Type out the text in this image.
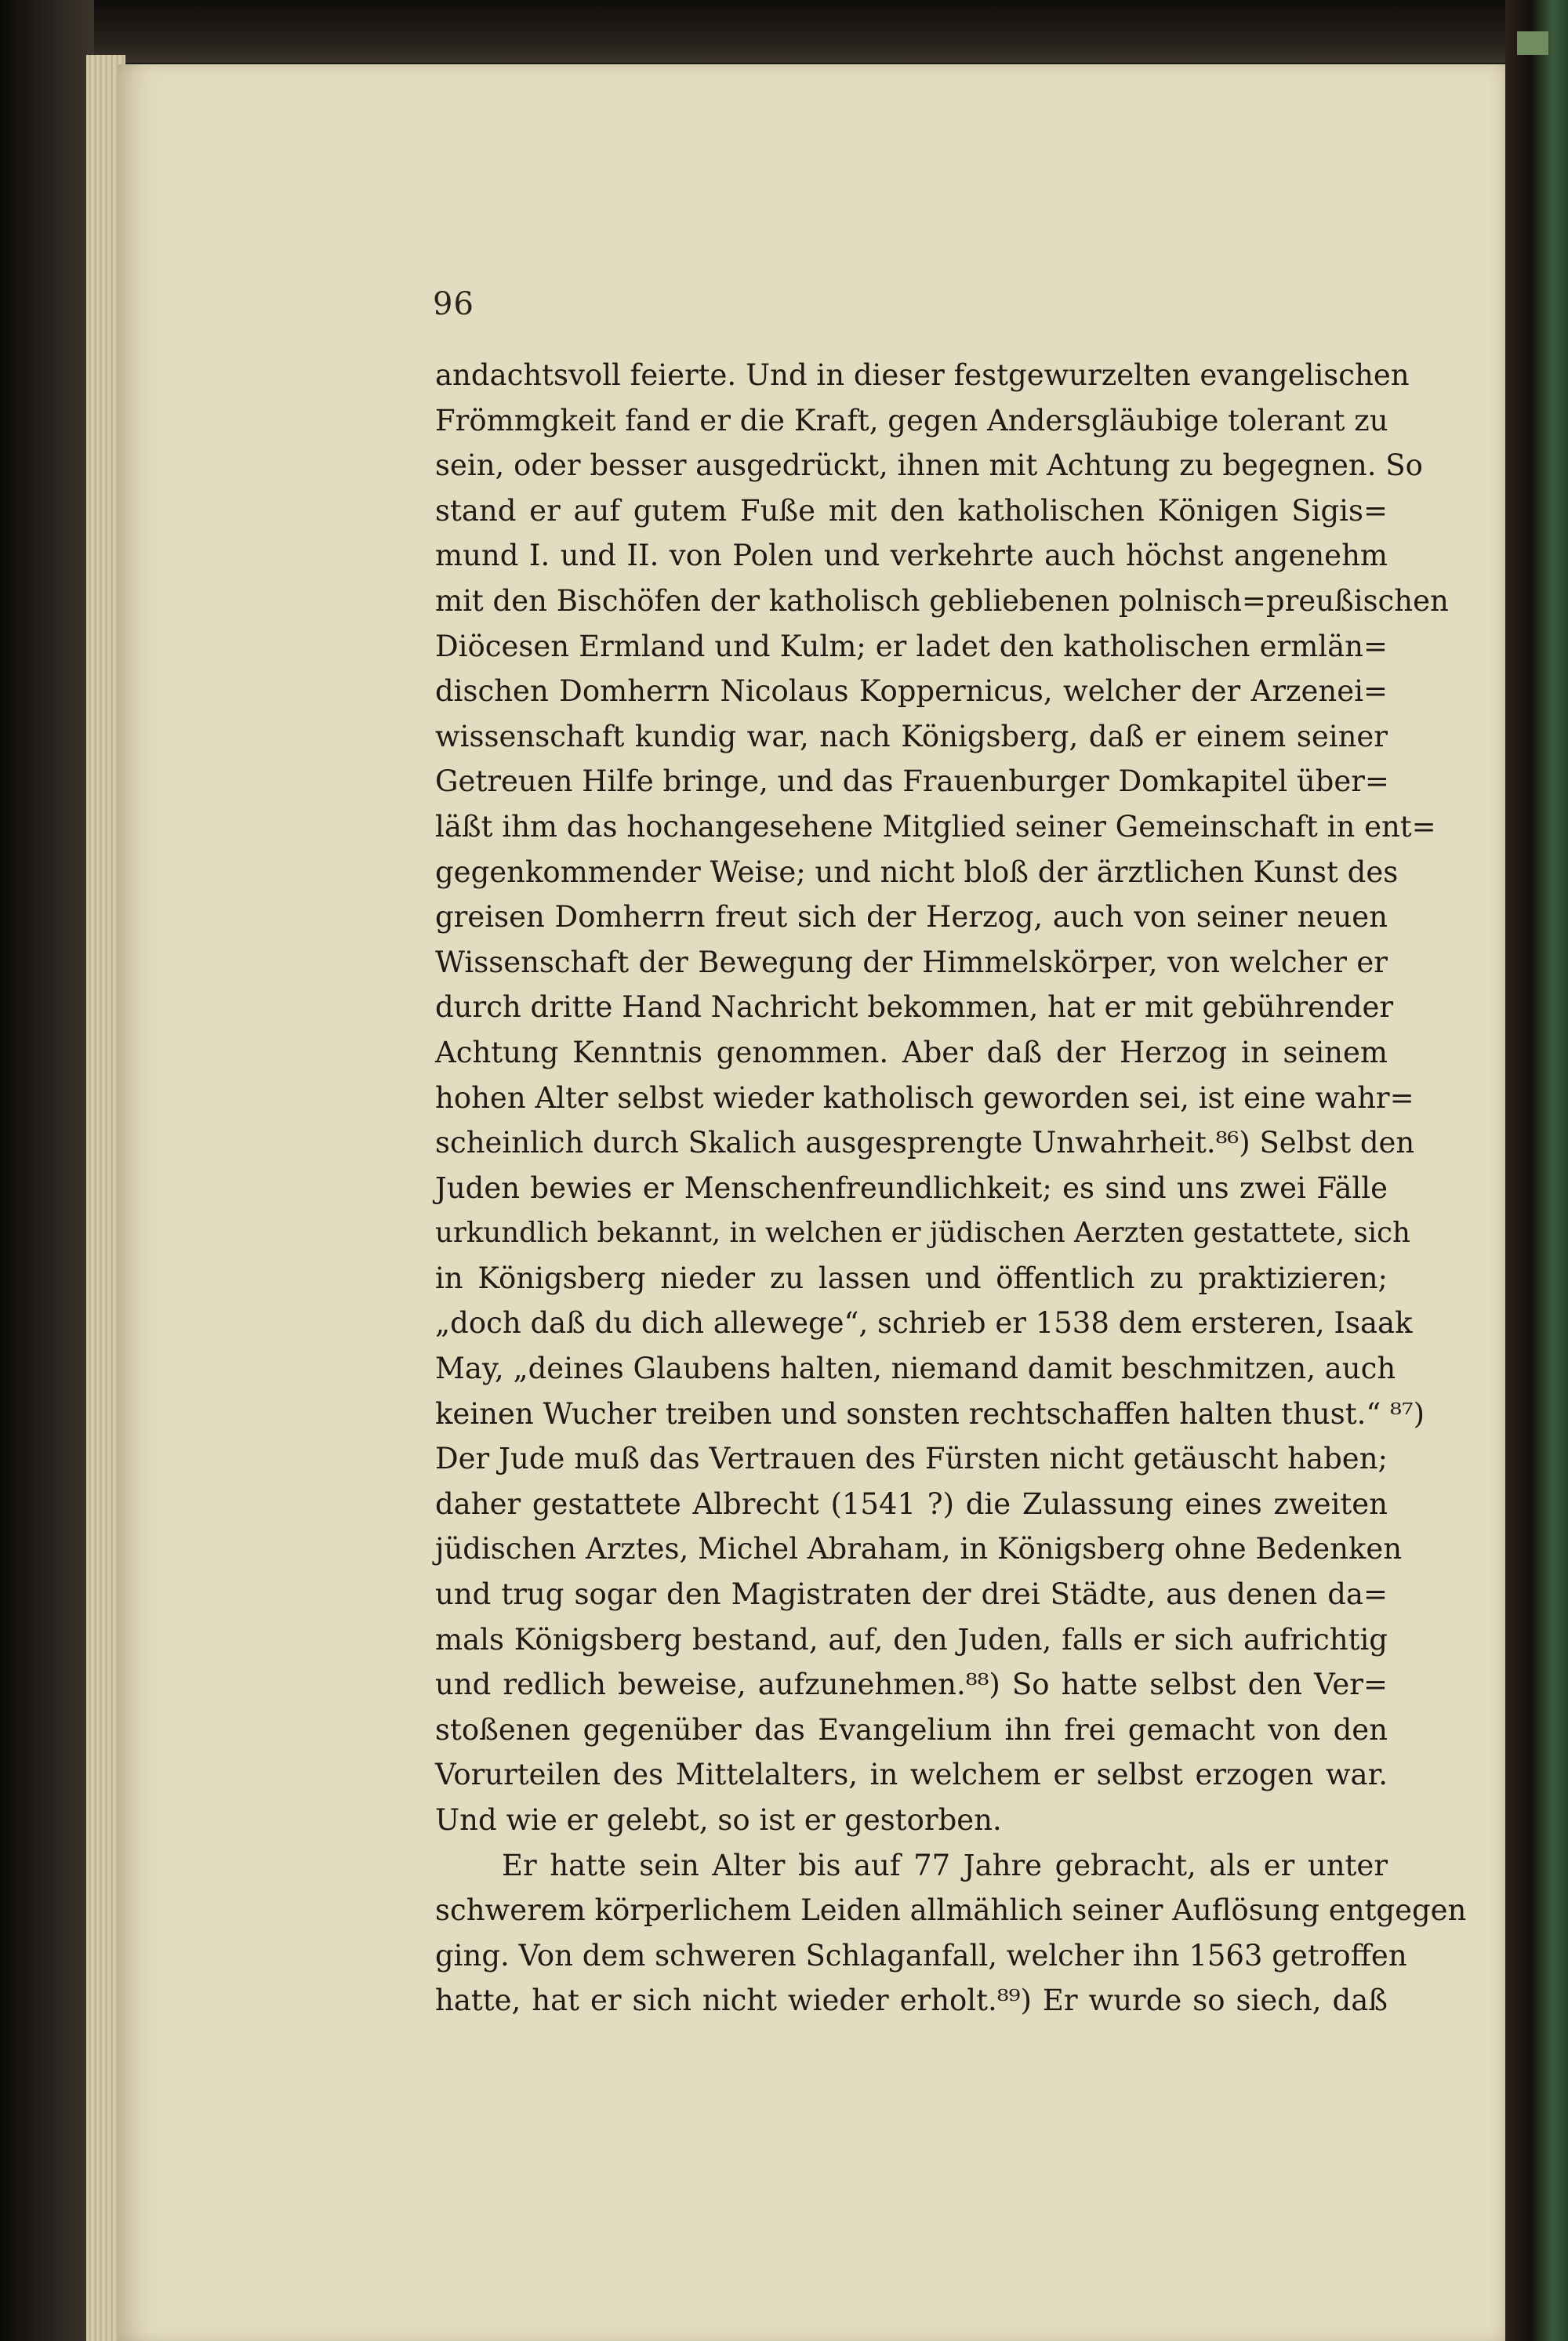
96
andachtsvoll feierte. Und in dieser festgewurzelten evangelischen
Frömmgkeit fand er die Kraft, gegen Andersgläubige tolerant zu
sein, oder besser ausgedrückt, ihnen mit Achtung zu begegnen. So
stand er auf gutem Fuße mit den katholischen Königen Sigis=
mund I. und II. von Polen und verkehrte auch höchst angenehm
mit den Bischöfen der katholisch gebliebenen polnisch=preußischen
Diöcesen Ermland und Kulm; er ladet den katholischen ermlän=
dischen Domherrn Nicolaus Koppernicus, welcher der Arzenei=
wissenschaft kundig war, nach Königsberg, daß er einem seiner
Getreuen Hilfe bringe, und das Frauenburger Domkapitel über=
läßt ihm das hochangesehene Mitglied seiner Gemeinschaft in ent=
gegenkommender Weise; und nicht bloß der ärztlichen Kunst des
greisen Domherrn freut sich der Herzog, auch von seiner neuen
Wissenschaft der Bewegung der Himmelskörper, von welcher er
durch dritte Hand Nachricht bekommen, hat er mit gebührender
Achtung Kenntnis genommen. Aber daß der Herzog in seinem
hohen Alter selbst wieder katholisch geworden sei, ist eine wahr=
scheinlich durch Skalich ausgesprengte Unwahrheit.⁸⁶) Selbst den
Juden bewies er Menschenfreundlichkeit; es sind uns zwei Fälle
urkundlich bekannt, in welchen er jüdischen Aerzten gestattete, sich
in Königsberg nieder zu lassen und öffentlich zu praktizieren;
„doch daß du dich allewege“, schrieb er 1538 dem ersteren, Isaak
May, „deines Glaubens halten, niemand damit beschmitzen, auch
keinen Wucher treiben und sonsten rechtschaffen halten thust.“ ⁸⁷)
Der Jude muß das Vertrauen des Fürsten nicht getäuscht haben;
daher gestattete Albrecht (1541 ?) die Zulassung eines zweiten
jüdischen Arztes, Michel Abraham, in Königsberg ohne Bedenken
und trug sogar den Magistraten der drei Städte, aus denen da=
mals Königsberg bestand, auf, den Juden, falls er sich aufrichtig
und redlich beweise, aufzunehmen.⁸⁸) So hatte selbst den Ver=
stoßenen gegenüber das Evangelium ihn frei gemacht von den
Vorurteilen des Mittelalters, in welchem er selbst erzogen war.
Und wie er gelebt, so ist er gestorben.
Er hatte sein Alter bis auf 77 Jahre gebracht, als er unter
schwerem körperlichem Leiden allmählich seiner Auflösung entgegen
ging. Von dem schweren Schlaganfall, welcher ihn 1563 getroffen
hatte, hat er sich nicht wieder erholt.⁸⁹) Er wurde so siech, daß
